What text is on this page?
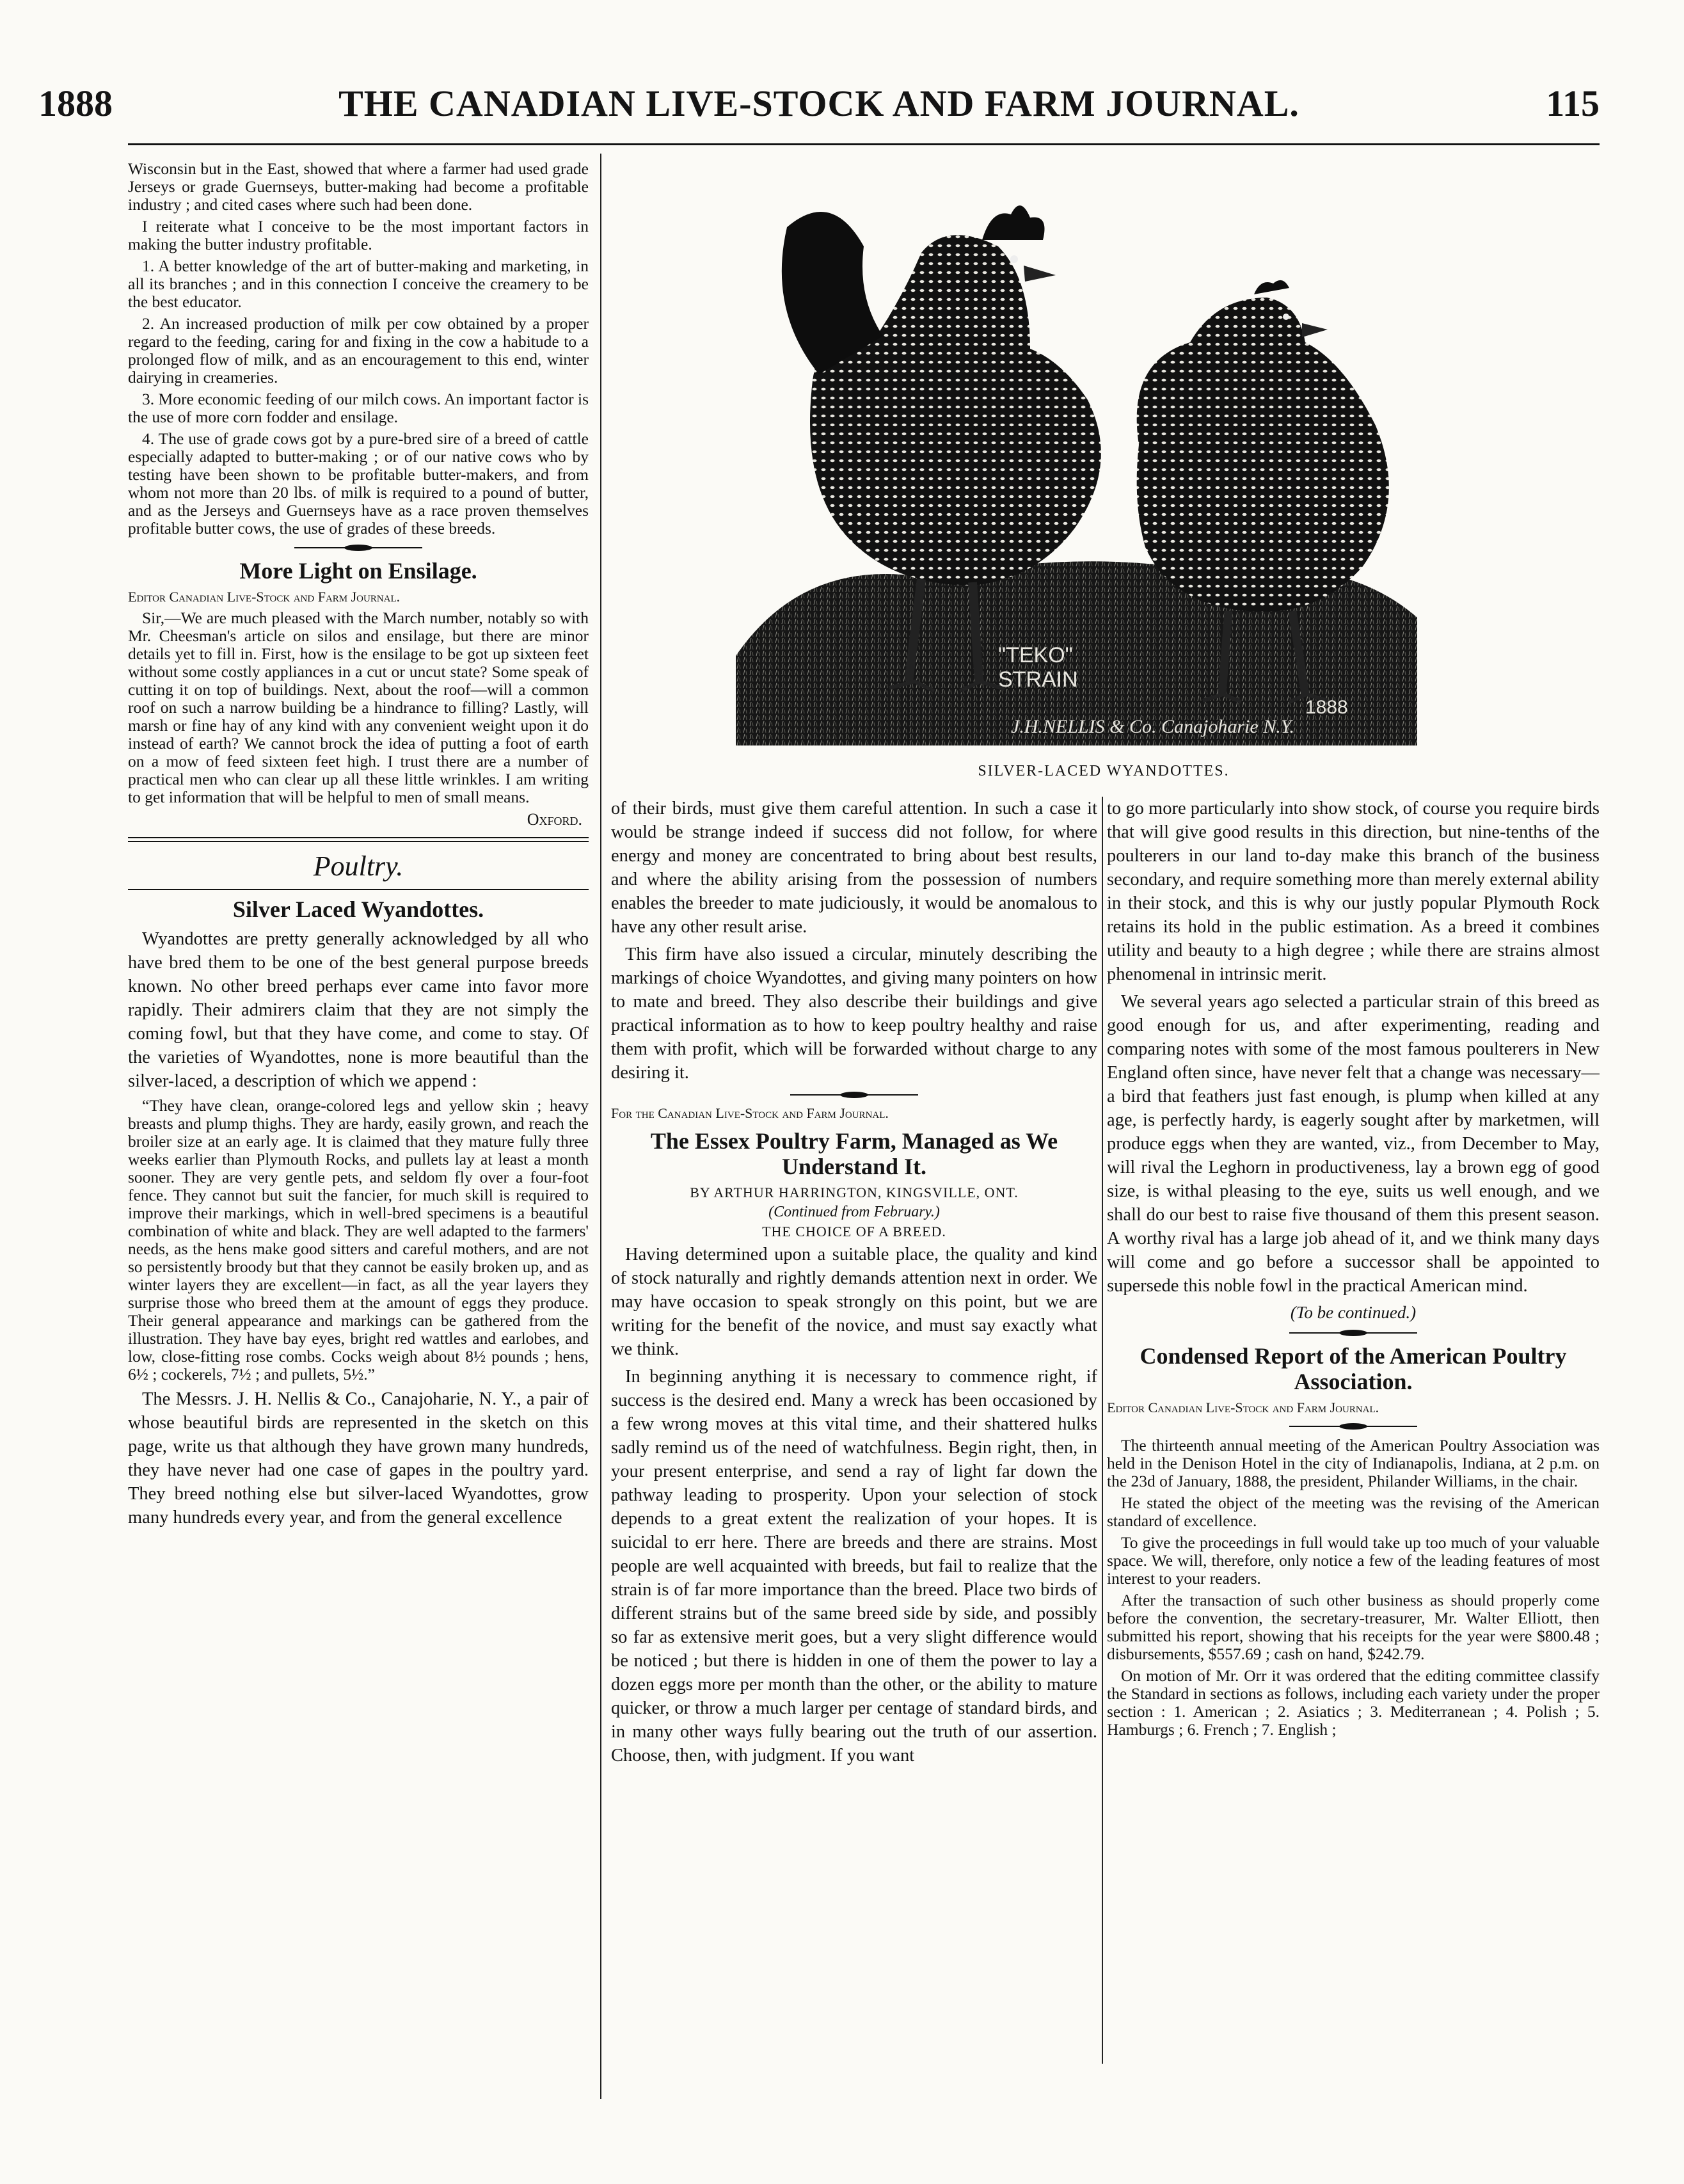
1888	THE CANADIAN LIVE-STOCK AND FARM JOURNAL.	115

Wisconsin but in the East, showed that where a farmer had used grade Jerseys or grade Guernseys, butter-making had become a profitable industry ; and cited cases where such had been done.

I reiterate what I conceive to be the most important factors in making the butter industry profitable.

1. A better knowledge of the art of butter-making and marketing, in all its branches ; and in this connection I conceive the creamery to be the best educator.

2. An increased production of milk per cow obtained by a proper regard to the feeding, caring for and fixing in the cow a habitude to a prolonged flow of milk, and as an encouragement to this end, winter dairying in creameries.

3. More economic feeding of our milch cows. An important factor is the use of more corn fodder and ensilage.

4. The use of grade cows got by a pure-bred sire of a breed of cattle especially adapted to butter-making ; or of our native cows who by testing have been shown to be profitable butter-makers, and from whom not more than 20 lbs. of milk is required to a pound of butter, and as the Jerseys and Guernseys have as a race proven themselves profitable butter cows, the use of grades of these breeds.

More Light on Ensilage.
Editor Canadian Live-Stock and Farm Journal.

Sir,—We are much pleased with the March number, notably so with Mr. Cheesman's article on silos and ensilage, but there are minor details yet to fill in. First, how is the ensilage to be got up sixteen feet without some costly appliances in a cut or uncut state? Some speak of cutting it on top of buildings. Next, about the roof—will a common roof on such a narrow building be a hindrance to filling? Lastly, will marsh or fine hay of any kind with any convenient weight upon it do instead of earth? We cannot brock the idea of putting a foot of earth on a mow of feed sixteen feet high. I trust there are a number of practical men who can clear up all these little wrinkles. I am writing to get information that will be helpful to men of small means.

Oxford.
Poultry.
Silver Laced Wyandottes.

Wyandottes are pretty generally acknowledged by all who have bred them to be one of the best general purpose breeds known. No other breed perhaps ever came into favor more rapidly. Their admirers claim that they are not simply the coming fowl, but that they have come, and come to stay. Of the varieties of Wyandottes, none is more beautiful than the silver-laced, a description of which we append :

“They have clean, orange-colored legs and yellow skin ; heavy breasts and plump thighs. They are hardy, easily grown, and reach the broiler size at an early age. It is claimed that they mature fully three weeks earlier than Plymouth Rocks, and pullets lay at least a month sooner. They are very gentle pets, and seldom fly over a four-foot fence. They cannot but suit the fancier, for much skill is required to improve their markings, which in well-bred specimens is a beautiful combination of white and black. They are well adapted to the farmers' needs, as the hens make good sitters and careful mothers, and are not so persistently broody but that they cannot be easily broken up, and as winter layers they are excellent—in fact, as all the year layers they surprise those who breed them at the amount of eggs they produce. Their general appearance and markings can be gathered from the illustration. They have bay eyes, bright red wattles and earlobes, and low, close-fitting rose combs. Cocks weigh about 8½ pounds ; hens, 6½ ; cockerels, 7½ ; and pullets, 5½.”

The Messrs. J. H. Nellis & Co., Canajoharie, N. Y., a pair of whose beautiful birds are represented in the sketch on this page, write us that although they have grown many hundreds, they have never had one case of gapes in the poultry yard. They breed nothing else but silver-laced Wyandottes, grow many hundreds every year, and from the general excellence

"TEKO"
STRAIN
1888
J.H.NELLIS & Co. Canajoharie N.Y.
SILVER-LACED WYANDOTTES.

of their birds, must give them careful attention. In such a case it would be strange indeed if success did not follow, for where energy and money are concentrated to bring about best results, and where the ability arising from the possession of numbers enables the breeder to mate judiciously, it would be anomalous to have any other result arise.

This firm have also issued a circular, minutely describing the markings of choice Wyandottes, and giving many pointers on how to mate and breed. They also describe their buildings and give practical information as to how to keep poultry healthy and raise them with profit, which will be forwarded without charge to any desiring it.

For the Canadian Live-Stock and Farm Journal.
The Essex Poultry Farm, Managed as We Understand It.
BY ARTHUR HARRINGTON, KINGSVILLE, ONT.
(Continued from February.)
THE CHOICE OF A BREED.

Having determined upon a suitable place, the quality and kind of stock naturally and rightly demands attention next in order. We may have occasion to speak strongly on this point, but we are writing for the benefit of the novice, and must say exactly what we think.

In beginning anything it is necessary to commence right, if success is the desired end. Many a wreck has been occasioned by a few wrong moves at this vital time, and their shattered hulks sadly remind us of the need of watchfulness. Begin right, then, in your present enterprise, and send a ray of light far down the pathway leading to prosperity. Upon your selection of stock depends to a great extent the realization of your hopes. It is suicidal to err here. There are breeds and there are strains. Most people are well acquainted with breeds, but fail to realize that the strain is of far more importance than the breed. Place two birds of different strains but of the same breed side by side, and possibly so far as extensive merit goes, but a very slight difference would be noticed ; but there is hidden in one of them the power to lay a dozen eggs more per month than the other, or the ability to mature quicker, or throw a much larger per centage of standard birds, and in many other ways fully bearing out the truth of our assertion. Choose, then, with judgment. If you want

to go more particularly into show stock, of course you require birds that will give good results in this direction, but nine-tenths of the poulterers in our land to-day make this branch of the business secondary, and require something more than merely external ability in their stock, and this is why our justly popular Plymouth Rock retains its hold in the public estimation. As a breed it combines utility and beauty to a high degree ; while there are strains almost phenomenal in intrinsic merit.

We several years ago selected a particular strain of this breed as good enough for us, and after experimenting, reading and comparing notes with some of the most famous poulterers in New England often since, have never felt that a change was necessary—a bird that feathers just fast enough, is plump when killed at any age, is perfectly hardy, is eagerly sought after by marketmen, will produce eggs when they are wanted, viz., from December to May, will rival the Leghorn in productiveness, lay a brown egg of good size, is withal pleasing to the eye, suits us well enough, and we shall do our best to raise five thousand of them this present season. A worthy rival has a large job ahead of it, and we think many days will come and go before a successor shall be appointed to supersede this noble fowl in the practical American mind.

(To be continued.)
Condensed Report of the American Poultry Association.
Editor Canadian Live-Stock and Farm Journal.

The thirteenth annual meeting of the American Poultry Association was held in the Denison Hotel in the city of Indianapolis, Indiana, at 2 p.m. on the 23d of January, 1888, the president, Philander Williams, in the chair.

He stated the object of the meeting was the revising of the American standard of excellence.

To give the proceedings in full would take up too much of your valuable space. We will, therefore, only notice a few of the leading features of most interest to your readers.

After the transaction of such other business as should properly come before the convention, the secretary-treasurer, Mr. Walter Elliott, then submitted his report, showing that his receipts for the year were $800.48 ; disbursements, $557.69 ; cash on hand, $242.79.

On motion of Mr. Orr it was ordered that the editing committee classify the Standard in sections as follows, including each variety under the proper section : 1. American ; 2. Asiatics ; 3. Mediterranean ; 4. Polish ; 5. Hamburgs ; 6. French ; 7. English ;
